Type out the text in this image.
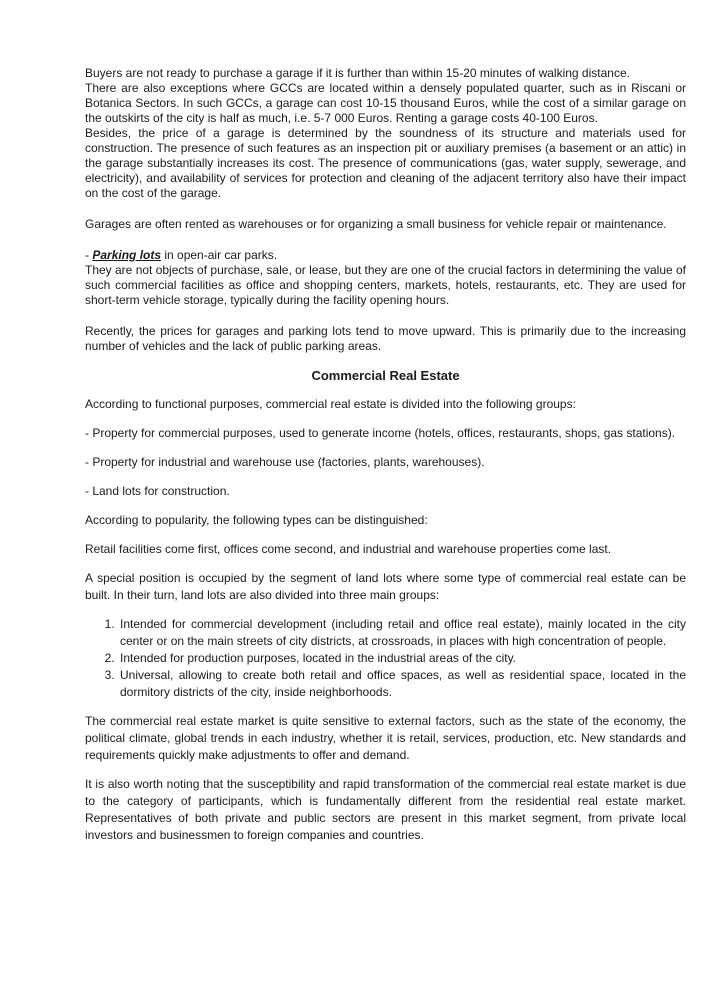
Buyers are not ready to purchase a garage if it is further than within 15-20 minutes of walking distance.

There are also exceptions where GCCs are located within a densely populated quarter, such as in Riscani or Botanica Sectors. In such GCCs, a garage can cost 10-15 thousand Euros, while the cost of a similar garage on the outskirts of the city is half as much, i.e. 5-7 000 Euros. Renting a garage costs 40-100 Euros.

Besides, the price of a garage is determined by the soundness of its structure and materials used for construction. The presence of such features as an inspection pit or auxiliary premises (a basement or an attic) in the garage substantially increases its cost. The presence of communications (gas, water supply, sewerage, and electricity), and availability of services for protection and cleaning of the adjacent territory also have their impact on the cost of the garage.

Garages are often rented as warehouses or for organizing a small business for vehicle repair or maintenance.

- Parking lots in open-air car parks.

They are not objects of purchase, sale, or lease, but they are one of the crucial factors in determining the value of such commercial facilities as office and shopping centers, markets, hotels, restaurants, etc. They are used for short-term vehicle storage, typically during the facility opening hours.

Recently, the prices for garages and parking lots tend to move upward. This is primarily due to the increasing number of vehicles and the lack of public parking areas.

Commercial Real Estate

According to functional purposes, commercial real estate is divided into the following groups:

- Property for commercial purposes, used to generate income (hotels, offices, restaurants, shops, gas stations).

- Property for industrial and warehouse use (factories, plants, warehouses).

- Land lots for construction.

According to popularity, the following types can be distinguished:

Retail facilities come first, offices come second, and industrial and warehouse properties come last.

A special position is occupied by the segment of land lots where some type of commercial real estate can be built. In their turn, land lots are also divided into three main groups:

1. Intended for commercial development (including retail and office real estate), mainly located in the city center or on the main streets of city districts, at crossroads, in places with high concentration of people.
2. Intended for production purposes, located in the industrial areas of the city.
3. Universal, allowing to create both retail and office spaces, as well as residential space, located in the dormitory districts of the city, inside neighborhoods.

The commercial real estate market is quite sensitive to external factors, such as the state of the economy, the political climate, global trends in each industry, whether it is retail, services, production, etc. New standards and requirements quickly make adjustments to offer and demand.

It is also worth noting that the susceptibility and rapid transformation of the commercial real estate market is due to the category of participants, which is fundamentally different from the residential real estate market. Representatives of both private and public sectors are present in this market segment, from private local investors and businessmen to foreign companies and countries.
